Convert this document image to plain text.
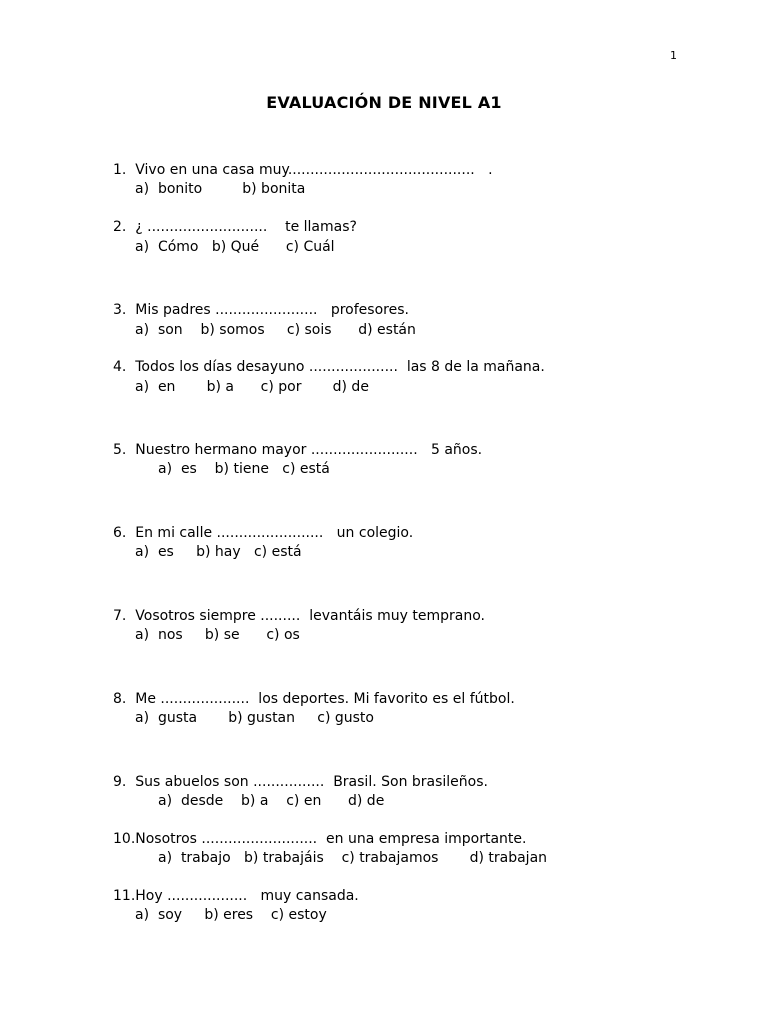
1
EVALUACIÓN DE NIVEL A1
1.  Vivo en una casa muy..........................................   .
a)  bonito         b) bonita
2.  ¿ ...........................    te llamas?
a)  Cómo   b) Qué      c) Cuál
3.  Mis padres .......................   profesores.
a)  son    b) somos     c) sois      d) están
4.  Todos los días desayuno ....................  las 8 de la mañana.
a)  en       b) a      c) por       d) de
5.  Nuestro hermano mayor ........................   5 años.
a)  es    b) tiene   c) está
6.  En mi calle ........................   un colegio.
a)  es     b) hay   c) está
7.  Vosotros siempre .........  levantáis muy temprano.
a)  nos     b) se      c) os
8.  Me ....................  los deportes. Mi favorito es el fútbol.
a)  gusta       b) gustan     c) gusto
9.  Sus abuelos son ................  Brasil. Son brasileños.
a)  desde    b) a    c) en      d) de
10.Nosotros ..........................  en una empresa importante.
a)  trabajo   b) trabajáis    c) trabajamos       d) trabajan
11.Hoy ..................   muy cansada.
a)  soy     b) eres    c) estoy
